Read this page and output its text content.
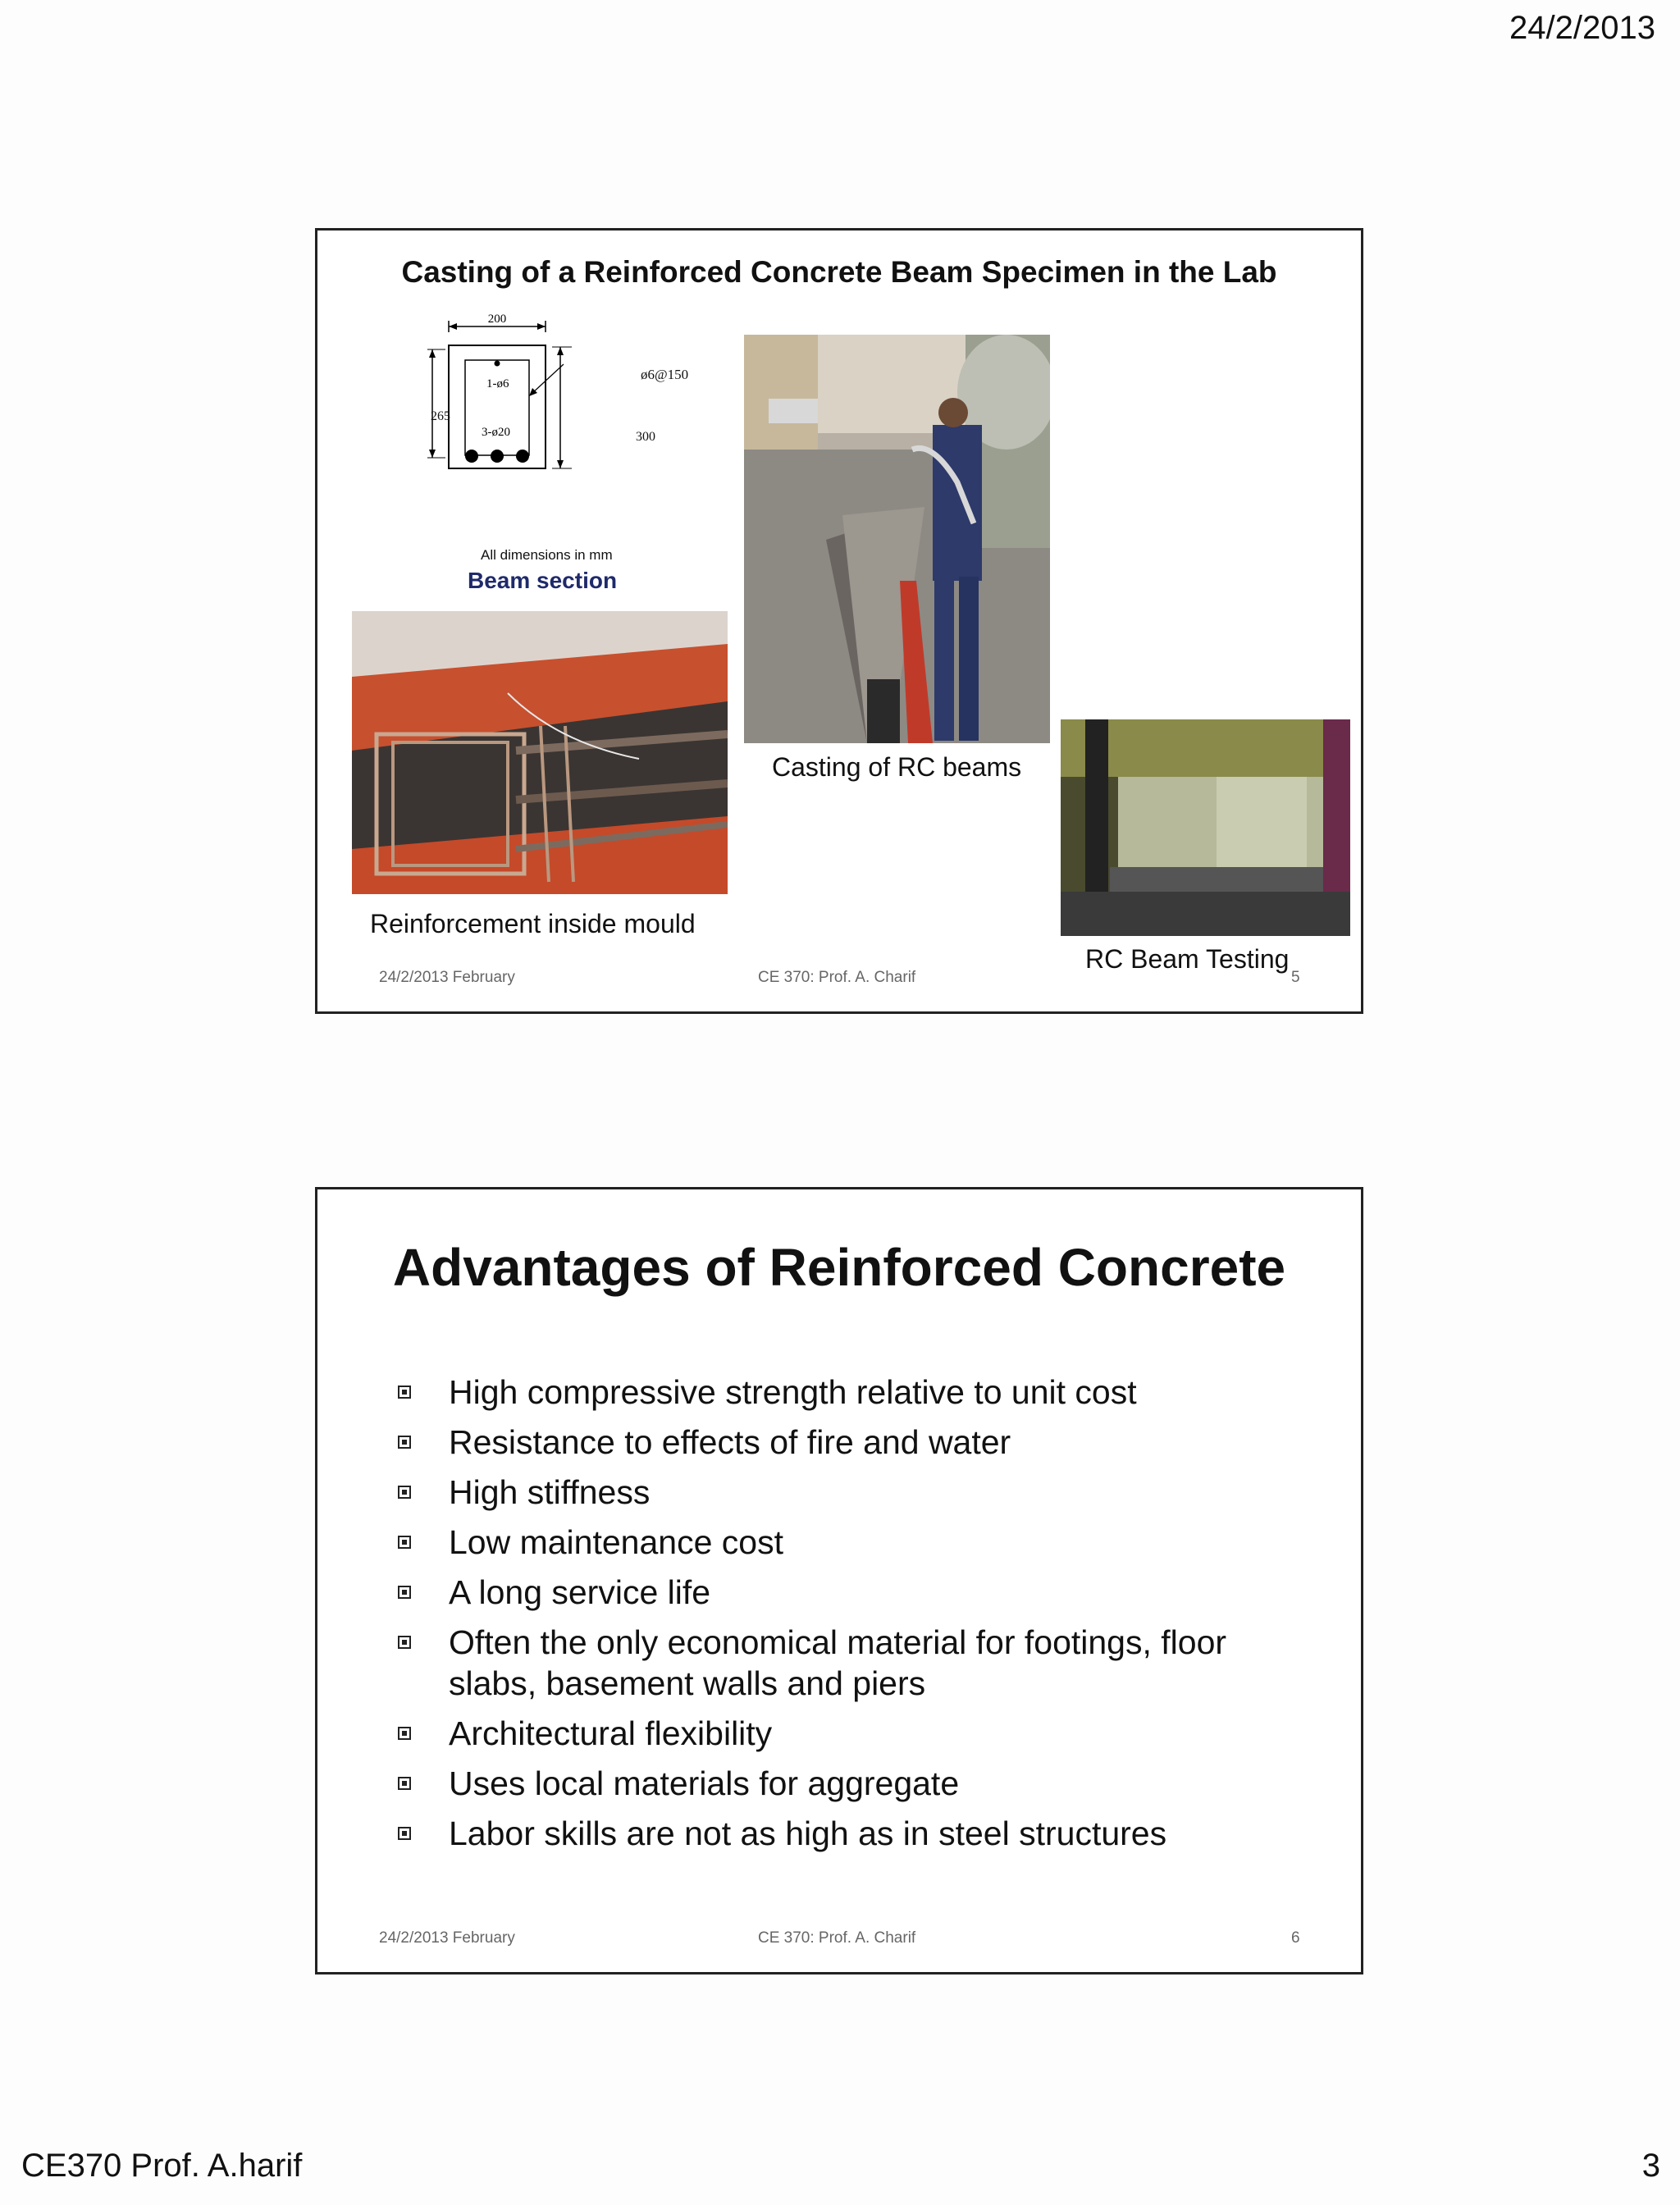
24/2/2013
Casting of a Reinforced Concrete Beam Specimen in the Lab
200
1-ø6
3-ø20
265
300
ø6@150
All dimensions in mm
Beam section
Casting of RC beams
Reinforcement inside mould
RC Beam Testing
24/2/2013 February	CE 370: Prof. A. Charif	5
Advantages of Reinforced Concrete
High compressive strength relative to unit cost
Resistance to effects of fire and water
High stiffness
Low maintenance cost
A long service life
Often the only economical material for footings, floor slabs, basement walls and piers
Architectural flexibility
Uses local materials for aggregate
Labor skills are not as high as in steel structures
24/2/2013 February	CE 370: Prof. A. Charif	6
CE370 Prof. A.harif	3
